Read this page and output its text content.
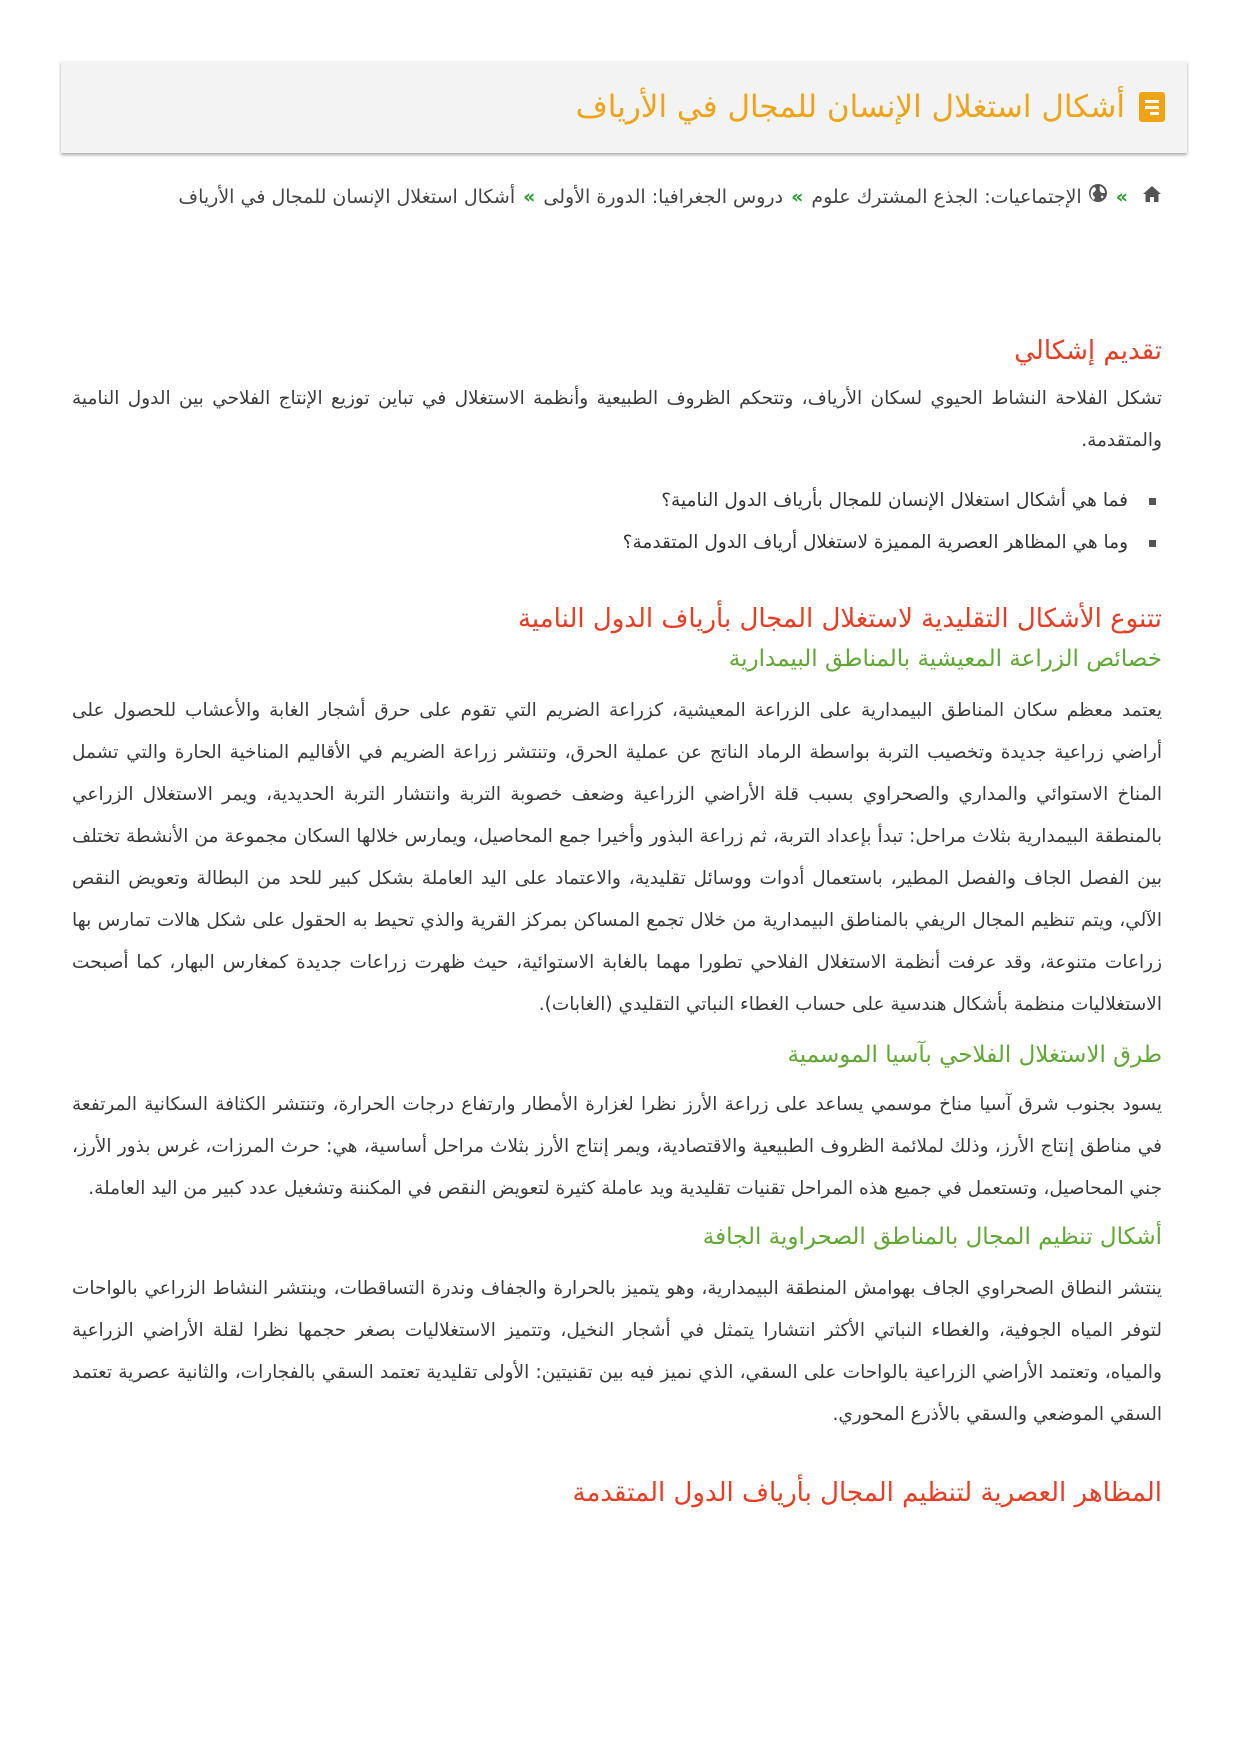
أشكال استغلال الإنسان للمجال في الأرياف
»الإجتماعيات: الجذع المشترك علوم»دروس الجغرافيا: الدورة الأولى»أشكال استغلال الإنسان للمجال في الأرياف
تقديم إشكالي

تشكل الفلاحة النشاط الحيوي لسكان الأرياف، وتتحكم الظروف الطبيعية وأنظمة الاستغلال في تباين توزيع الإنتاج الفلاحي بين الدول النامية والمتقدمة.

فما هي أشكال استغلال الإنسان للمجال بأرياف الدول النامية؟
وما هي المظاهر العصرية المميزة لاستغلال أرياف الدول المتقدمة؟
تتنوع الأشكال التقليدية لاستغلال المجال بأرياف الدول النامية
خصائص الزراعة المعيشية بالمناطق البيمدارية

يعتمد معظم سكان المناطق البيمدارية على الزراعة المعيشية، كزراعة الضريم التي تقوم على حرق أشجار الغابة والأعشاب للحصول على أراضي زراعية جديدة وتخصيب التربة بواسطة الرماد الناتج عن عملية الحرق، وتنتشر زراعة الضريم في الأقاليم المناخية الحارة والتي تشمل المناخ الاستوائي والمداري والصحراوي بسبب قلة الأراضي الزراعية وضعف خصوبة التربة وانتشار التربة الحديدية، ويمر الاستغلال الزراعي بالمنطقة البيمدارية بثلاث مراحل: تبدأ بإعداد التربة، ثم زراعة البذور وأخيرا جمع المحاصيل، ويمارس خلالها السكان مجموعة من الأنشطة تختلف بين الفصل الجاف والفصل المطير، باستعمال أدوات ووسائل تقليدية، والاعتماد على اليد العاملة بشكل كبير للحد من البطالة وتعويض النقص الآلي، ويتم تنظيم المجال الريفي بالمناطق البيمدارية من خلال تجمع المساكن بمركز القرية والذي تحيط به الحقول على شكل هالات تمارس بها زراعات متنوعة، وقد عرفت أنظمة الاستغلال الفلاحي تطورا مهما بالغابة الاستوائية، حيث ظهرت زراعات جديدة كمغارس البهار، كما أصبحت الاستغلاليات منظمة بأشكال هندسية على حساب الغطاء النباتي التقليدي (الغابات).

طرق الاستغلال الفلاحي بآسيا الموسمية

يسود بجنوب شرق آسيا مناخ موسمي يساعد على زراعة الأرز نظرا لغزارة الأمطار وارتفاع درجات الحرارة، وتنتشر الكثافة السكانية المرتفعة في مناطق إنتاج الأرز، وذلك لملائمة الظروف الطبيعية والاقتصادية، ويمر إنتاج الأرز بثلاث مراحل أساسية، هي: حرث المرزات، غرس بذور الأرز، جني المحاصيل، وتستعمل في جميع هذه المراحل تقنيات تقليدية ويد عاملة كثيرة لتعويض النقص في المكننة وتشغيل عدد كبير من اليد العاملة.

أشكال تنظيم المجال بالمناطق الصحراوية الجافة

ينتشر النطاق الصحراوي الجاف بهوامش المنطقة البيمدارية، وهو يتميز بالحرارة والجفاف وندرة التساقطات، وينتشر النشاط الزراعي بالواحات لتوفر المياه الجوفية، والغطاء النباتي الأكثر انتشارا يتمثل في أشجار النخيل، وتتميز الاستغلاليات بصغر حجمها نظرا لقلة الأراضي الزراعية والمياه، وتعتمد الأراضي الزراعية بالواحات على السقي، الذي نميز فيه بين تقنيتين: الأولى تقليدية تعتمد السقي بالفجارات، والثانية عصرية تعتمد السقي الموضعي والسقي بالأذرع المحوري.

المظاهر العصرية لتنظيم المجال بأرياف الدول المتقدمة
